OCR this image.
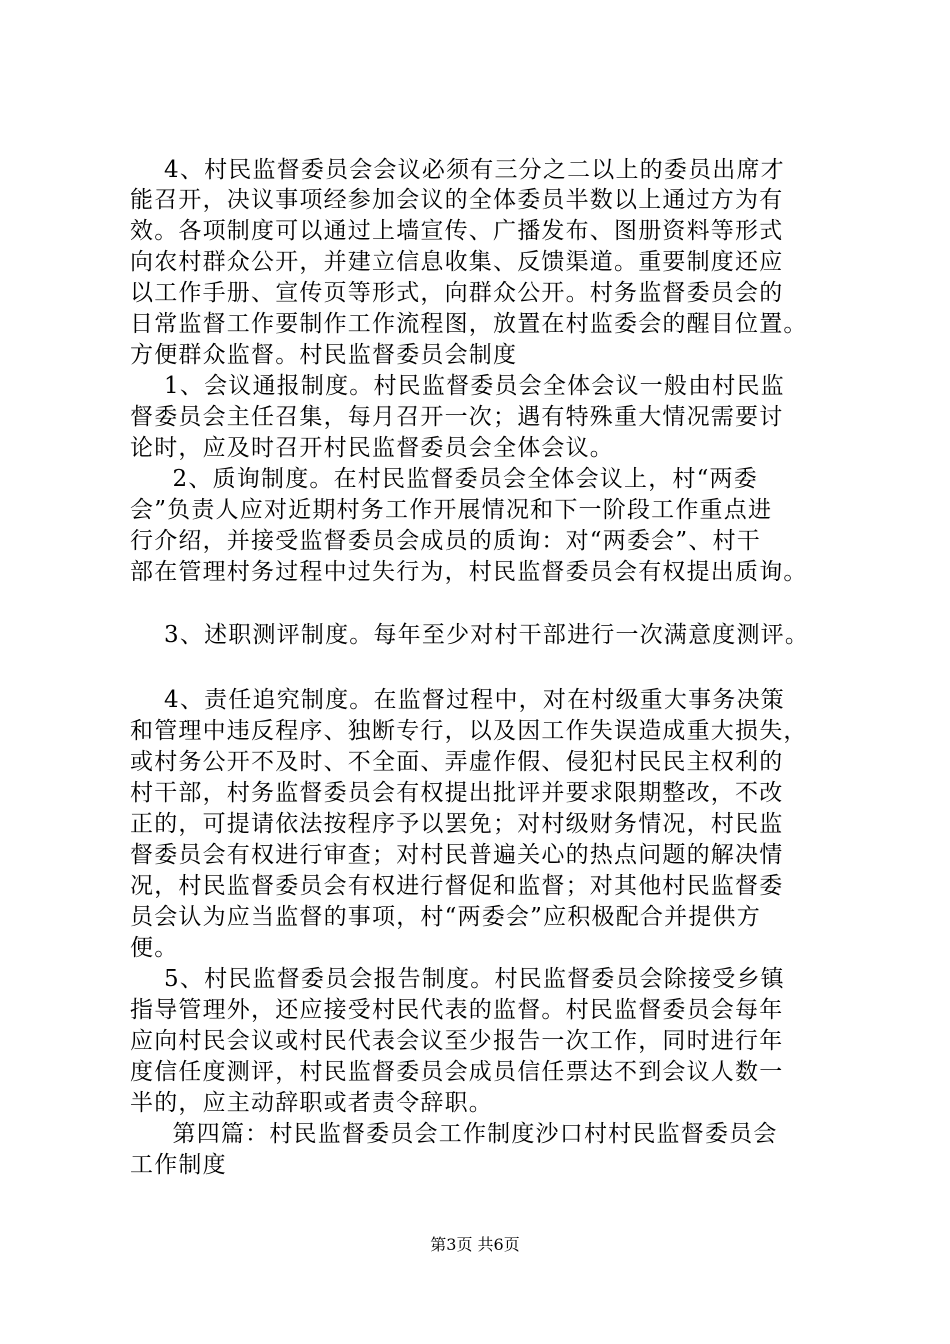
4、村民监督委员会会议必须有三分之二以上的委员出席才
能召开，决议事项经参加会议的全体委员半数以上通过方为有
效。各项制度可以通过上墙宣传、广播发布、图册资料等形式
向农村群众公开，并建立信息收集、反馈渠道。重要制度还应
以工作手册、宣传页等形式，向群众公开。村务监督委员会的
日常监督工作要制作工作流程图，放置在村监委会的醒目位置。
方便群众监督。村民监督委员会制度
1、会议通报制度。村民监督委员会全体会议一般由村民监
督委员会主任召集，每月召开一次；遇有特殊重大情况需要讨
论时，应及时召开村民监督委员会全体会议。
2、质询制度。在村民监督委员会全体会议上，村“两委
会”负责人应对近期村务工作开展情况和下一阶段工作重点进
行介绍，并接受监督委员会成员的质询：对“两委会”、村干
部在管理村务过程中过失行为，村民监督委员会有权提出质询。
3、述职测评制度。每年至少对村干部进行一次满意度测评。
4、责任追究制度。在监督过程中，对在村级重大事务决策
和管理中违反程序、独断专行，以及因工作失误造成重大损失，
或村务公开不及时、不全面、弄虚作假、侵犯村民民主权利的
村干部，村务监督委员会有权提出批评并要求限期整改，不改
正的，可提请依法按程序予以罢免；对村级财务情况，村民监
督委员会有权进行审查；对村民普遍关心的热点问题的解决情
况，村民监督委员会有权进行督促和监督；对其他村民监督委
员会认为应当监督的事项，村“两委会”应积极配合并提供方
便。
5、村民监督委员会报告制度。村民监督委员会除接受乡镇
指导管理外，还应接受村民代表的监督。村民监督委员会每年
应向村民会议或村民代表会议至少报告一次工作，同时进行年
度信任度测评，村民监督委员会成员信任票达不到会议人数一
半的，应主动辞职或者责令辞职。
第四篇：村民监督委员会工作制度沙口村村民监督委员会
工作制度
第3页 共6页
